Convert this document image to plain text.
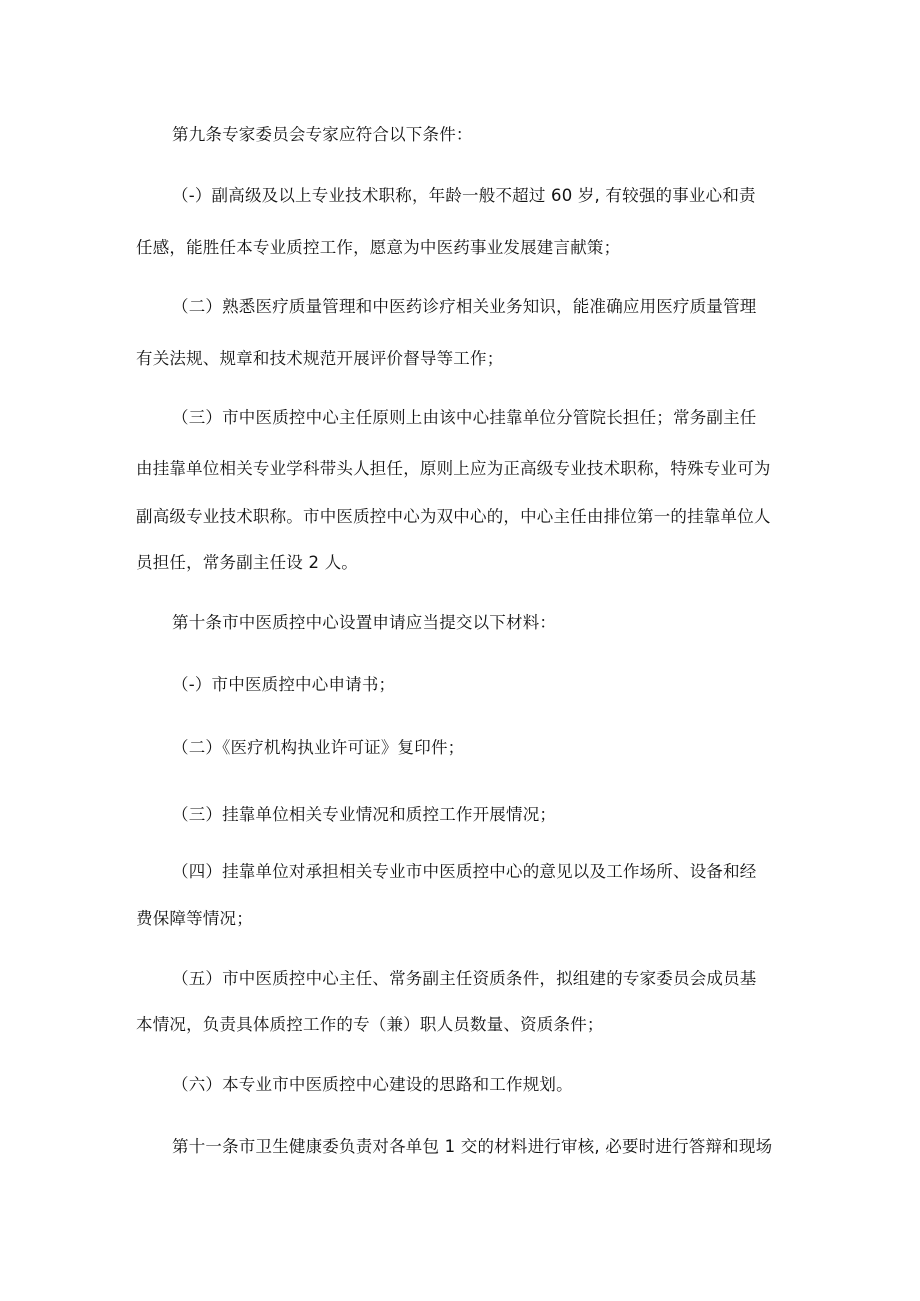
第九条专家委员会专家应符合以下条件：
（-）副高级及以上专业技术职称，年龄一般不超过 60 岁, 有较强的事业心和责
任感，能胜任本专业质控工作，愿意为中医药事业发展建言献策；
（二）熟悉医疗质量管理和中医药诊疗相关业务知识，能准确应用医疗质量管理
有关法规、规章和技术规范开展评价督导等工作；
（三）市中医质控中心主任原则上由该中心挂靠单位分管院长担任；常务副主任
由挂靠单位相关专业学科带头人担任，原则上应为正高级专业技术职称，特殊专业可为
副高级专业技术职称。市中医质控中心为双中心的，中心主任由排位第一的挂靠单位人
员担任，常务副主任设 2 人。
第十条市中医质控中心设置申请应当提交以下材料：
（-）市中医质控中心申请书；
（二）《医疗机构执业许可证》复印件；
（三）挂靠单位相关专业情况和质控工作开展情况；
（四）挂靠单位对承担相关专业市中医质控中心的意见以及工作场所、设备和经
费保障等情况；
（五）市中医质控中心主任、常务副主任资质条件，拟组建的专家委员会成员基
本情况，负责具体质控工作的专（兼）职人员数量、资质条件；
（六）本专业市中医质控中心建设的思路和工作规划。
第十一条市卫生健康委负责对各单包 1 交的材料进行审核, 必要时进行答辩和现场
